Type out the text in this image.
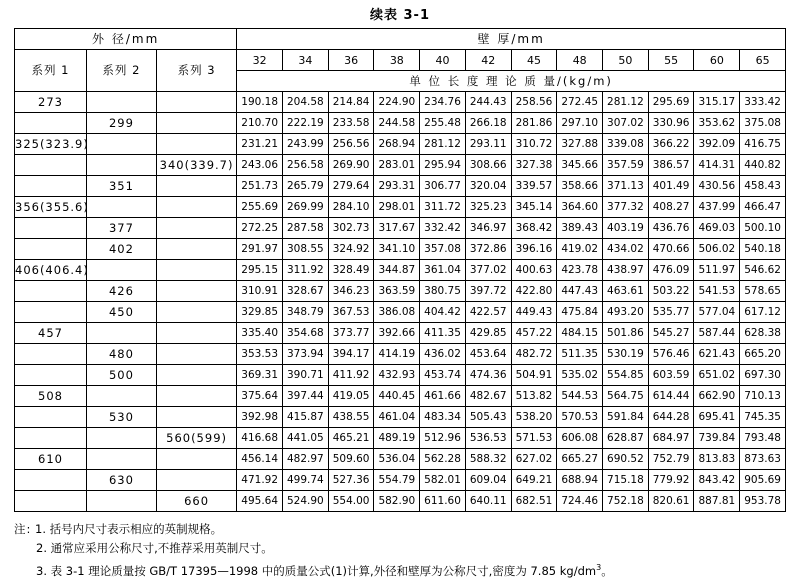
续表 3-1
外 径/mm			壁 厚/mm											
系列 1	系列 2	系列 3	32	34	36	38	40	42	45	48	50	55	60	65
			单 位 长 度 理 论 质 量/(kg/m)											
273			190.18	204.58	214.84	224.90	234.76	244.43	258.56	272.45	281.12	295.69	315.17	333.42
	299		210.70	222.19	233.58	244.58	255.48	266.18	281.86	297.10	307.02	330.96	353.62	375.08
325(323.9)			231.21	243.99	256.56	268.94	281.12	293.11	310.72	327.88	339.08	366.22	392.09	416.75
		340(339.7)	243.06	256.58	269.90	283.01	295.94	308.66	327.38	345.66	357.59	386.57	414.31	440.82
	351		251.73	265.79	279.64	293.31	306.77	320.04	339.57	358.66	371.13	401.49	430.56	458.43
356(355.6)			255.69	269.99	284.10	298.01	311.72	325.23	345.14	364.60	377.32	408.27	437.99	466.47
	377		272.25	287.58	302.73	317.67	332.42	346.97	368.42	389.43	403.19	436.76	469.03	500.10
	402		291.97	308.55	324.92	341.10	357.08	372.86	396.16	419.02	434.02	470.66	506.02	540.18
406(406.4)			295.15	311.92	328.49	344.87	361.04	377.02	400.63	423.78	438.97	476.09	511.97	546.62
	426		310.91	328.67	346.23	363.59	380.75	397.72	422.80	447.43	463.61	503.22	541.53	578.65
	450		329.85	348.79	367.53	386.08	404.42	422.57	449.43	475.84	493.20	535.77	577.04	617.12
457			335.40	354.68	373.77	392.66	411.35	429.85	457.22	484.15	501.86	545.27	587.44	628.38
	480		353.53	373.94	394.17	414.19	436.02	453.64	482.72	511.35	530.19	576.46	621.43	665.20
	500		369.31	390.71	411.92	432.93	453.74	474.36	504.91	535.02	554.85	603.59	651.02	697.30
508			375.64	397.44	419.05	440.45	461.66	482.67	513.82	544.53	564.75	614.44	662.90	710.13
	530		392.98	415.87	438.55	461.04	483.34	505.43	538.20	570.53	591.84	644.28	695.41	745.35
		560(599)	416.68	441.05	465.21	489.19	512.96	536.53	571.53	606.08	628.87	684.97	739.84	793.48
610			456.14	482.97	509.60	536.04	562.28	588.32	627.02	665.27	690.52	752.79	813.83	873.63
	630		471.92	499.74	527.36	554.79	582.01	609.04	649.21	688.94	715.18	779.92	843.42	905.69
		660	495.64	524.90	554.00	582.90	611.60	640.11	682.51	724.46	752.18	820.61	887.81	953.78
注: 1. 括号内尺寸表示相应的英制规格。
2. 通常应采用公称尺寸,不推荐采用英制尺寸。
3. 表 3-1 理论质量按 GB/T 17395—1998 中的质量公式(1)计算,外径和壁厚为公称尺寸,密度为 7.85 $kg/dm^3$。
